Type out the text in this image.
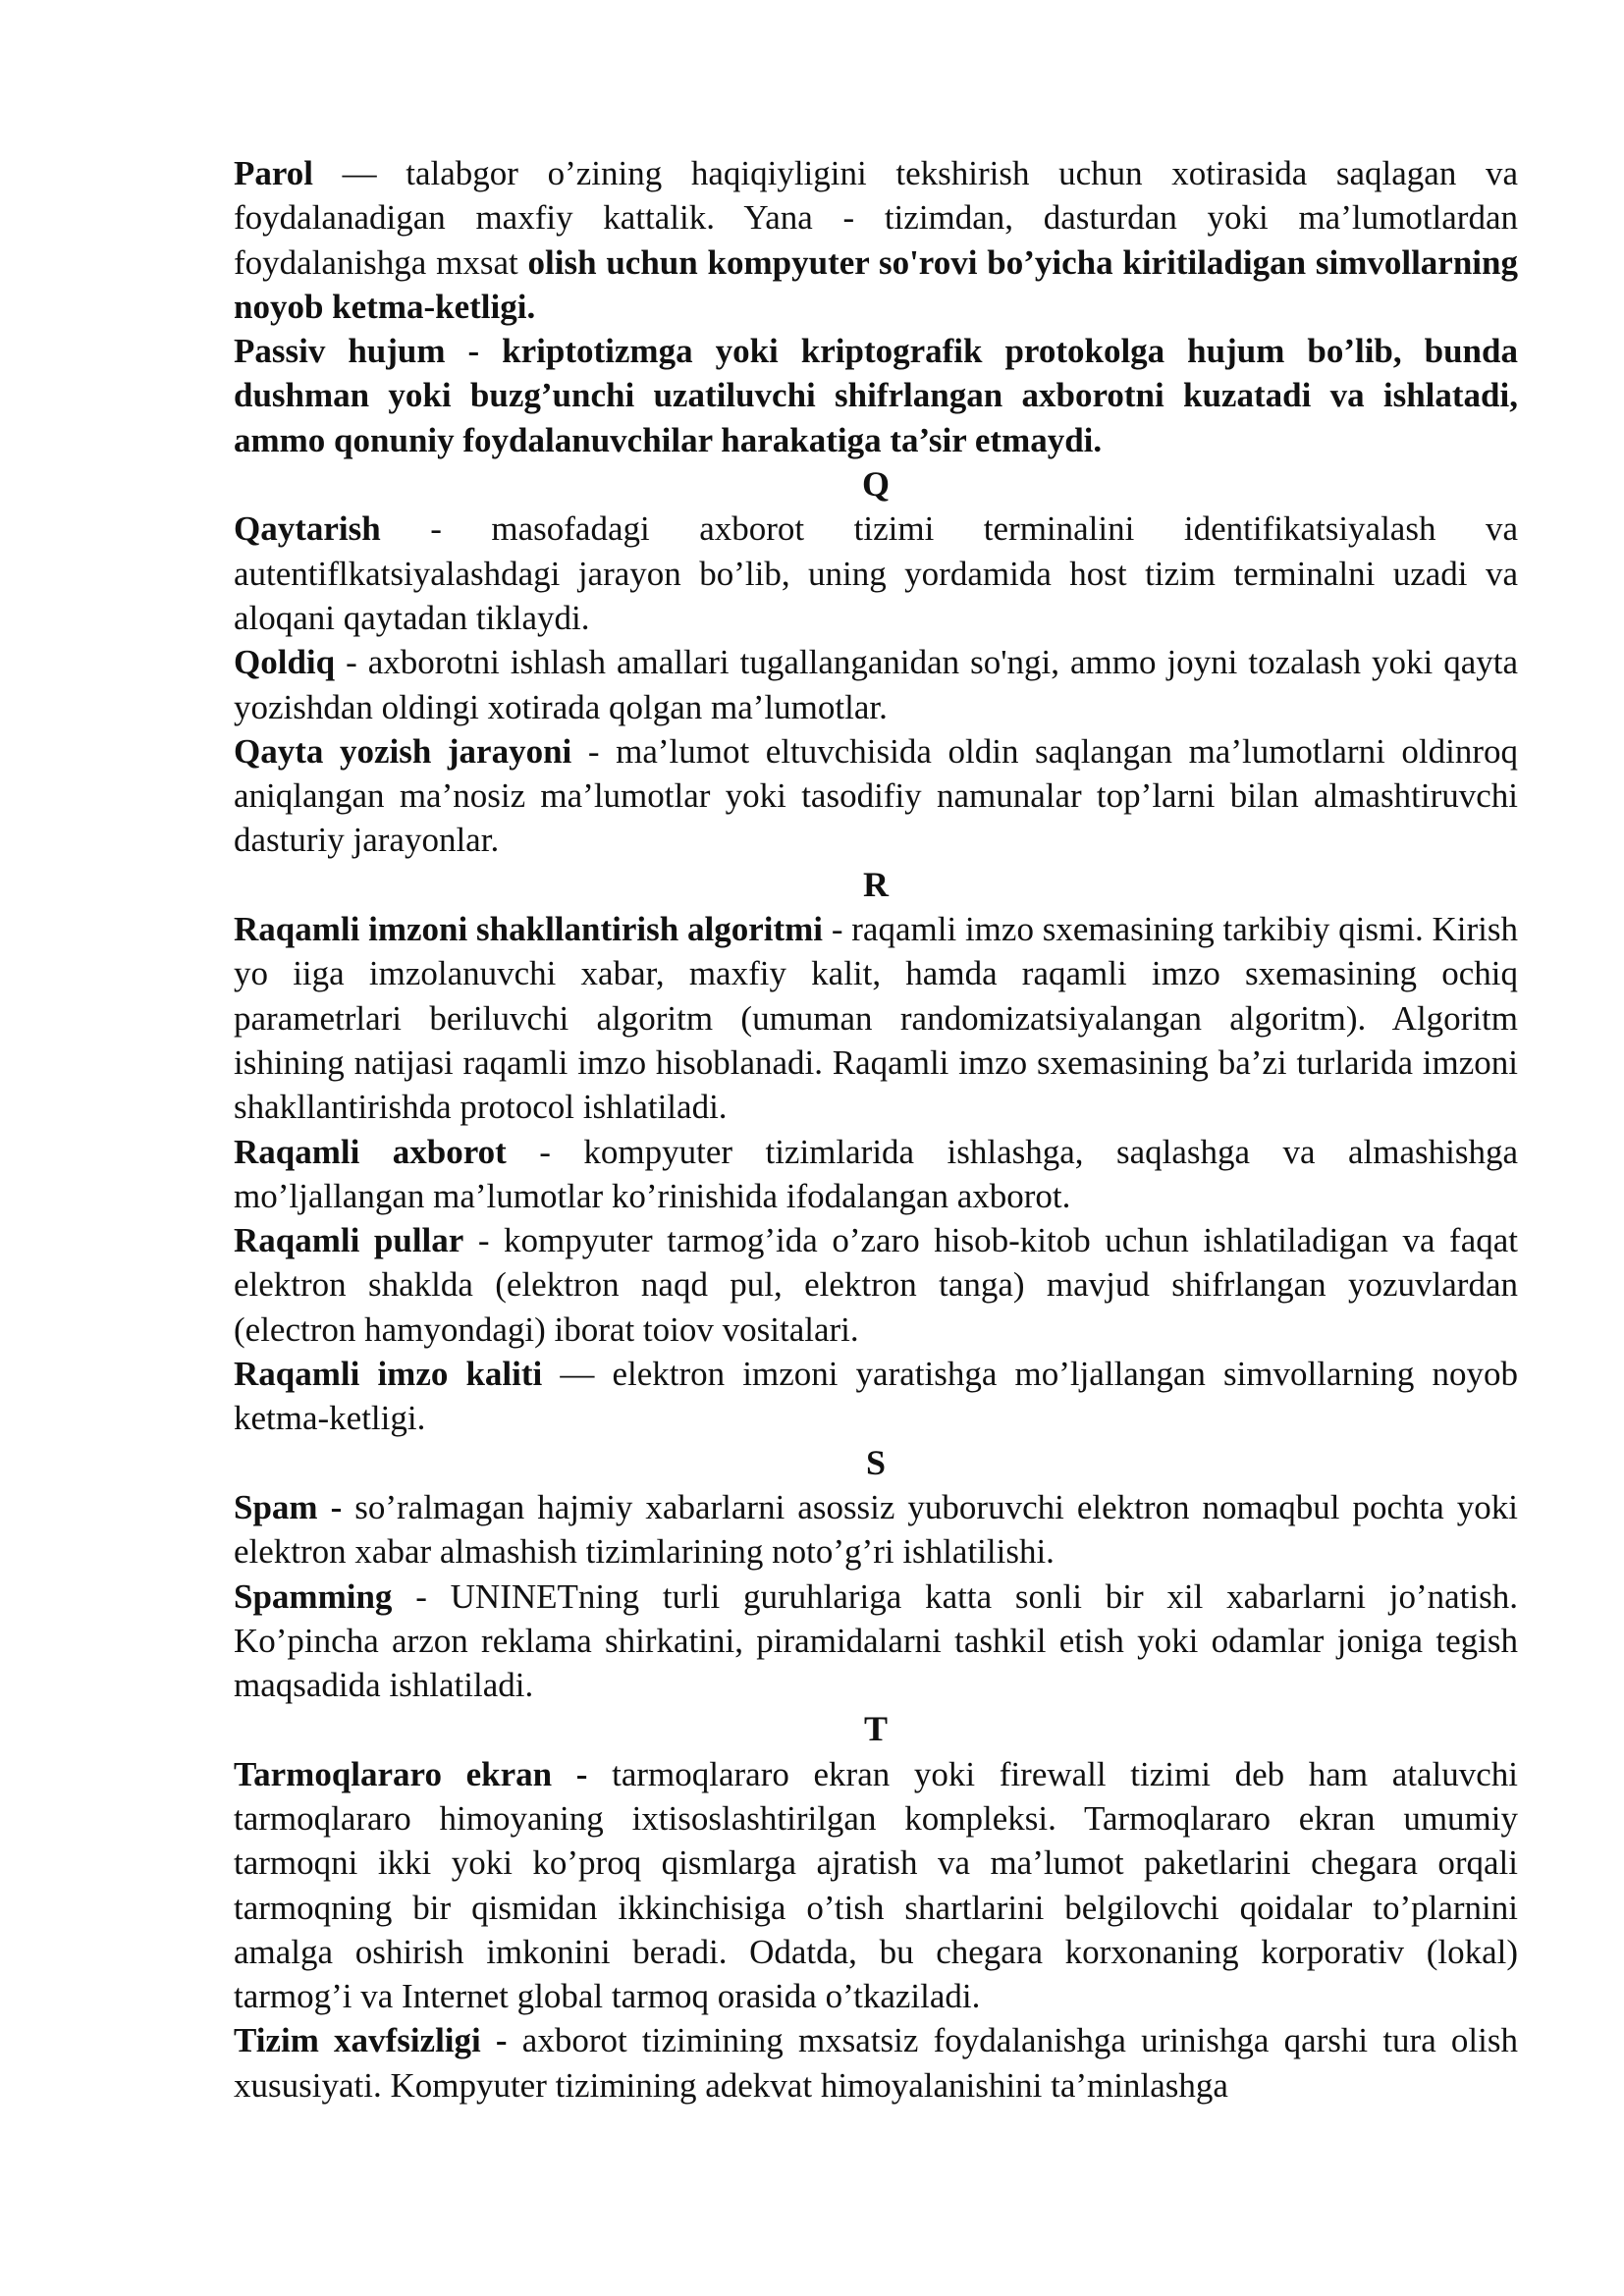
Parol — talabgor o’zining haqiqiyligini tekshirish uchun xotirasida saqlagan va foydalanadigan maxfiy kattalik. Yana - tizimdan, dasturdan yoki ma’lumotlardan foydalanishga mxsat olish uchun kompyuter so'rovi bo’yicha kiritiladigan simvollarning noyob ketma-ketligi.

Passiv hujum - kriptotizmga yoki kriptografik protokolga hujum bo’lib, bunda dushman yoki buzg’unchi uzatiluvchi shifrlangan axborotni kuzatadi va ishlatadi, ammo qonuniy foydalanuvchilar harakatiga ta’sir etmaydi.

Q

Qaytarish - masofadagi axborot tizimi terminalini identifikatsiyalash va autentiflkatsiyalashdagi jarayon bo’lib, uning yordamida host tizim terminalni uzadi va aloqani qaytadan tiklaydi.

Qoldiq - axborotni ishlash amallari tugallanganidan so'ngi, ammo joyni tozalash yoki qayta yozishdan oldingi xotirada qolgan ma’lumotlar.

Qayta yozish jarayoni - ma’lumot eltuvchisida oldin saqlangan ma’lumotlarni oldinroq aniqlangan ma’nosiz ma’lumotlar yoki tasodifiy namunalar top’larni bilan almashtiruvchi dasturiy jarayonlar.

R

Raqamli imzoni shakllantirish algoritmi - raqamli imzo sxemasining tarkibiy qismi. Kirish yo iiga imzolanuvchi xabar, maxfiy kalit, hamda raqamli imzo sxemasining ochiq parametrlari beriluvchi algoritm (umuman randomizatsiyalangan algoritm). Algoritm ishining natijasi raqamli imzo hisoblanadi. Raqamli imzo sxemasining ba’zi turlarida imzoni shakllantirishda protocol ishlatiladi.

Raqamli axborot - kompyuter tizimlarida ishlashga, saqlashga va almashishga mo’ljallangan ma’lumotlar ko’rinishida ifodalangan axborot.

Raqamli pullar - kompyuter tarmog’ida o’zaro hisob-kitob uchun ishlatiladigan va faqat elektron shaklda (elektron naqd pul, elektron tanga) mavjud shifrlangan yozuvlardan (electron hamyondagi) iborat toiov vositalari.

Raqamli imzo kaliti — elektron imzoni yaratishga mo’ljallangan simvollarning noyob ketma-ketligi.

S

Spam - so’ralmagan hajmiy xabarlarni asossiz yuboruvchi elektron nomaqbul pochta yoki elektron xabar almashish tizimlarining noto’g’ri ishlatilishi.

Spamming - UNINETning turli guruhlariga katta sonli bir xil xabarlarni jo’natish. Ko’pincha arzon reklama shirkatini, piramidalarni tashkil etish yoki odamlar joniga tegish maqsadida ishlatiladi.

T

Tarmoqlararo ekran - tarmoqlararo ekran yoki firewall tizimi deb ham ataluvchi tarmoqlararo himoyaning ixtisoslashtirilgan kompleksi. Tarmoqlararo ekran umumiy tarmoqni ikki yoki ko’proq qismlarga ajratish va ma’lumot paketlarini chegara orqali tarmoqning bir qismidan ikkinchisiga o’tish shartlarini belgilovchi qoidalar to’plarnini amalga oshirish imkonini beradi. Odatda, bu chegara korxonaning korporativ (lokal) tarmog’i va Internet global tarmoq orasida o’tkaziladi.

Tizim xavfsizligi - axborot tizimining mxsatsiz foydalanishga urinishga qarshi tura olish xususiyati. Kompyuter tizimining adekvat himoyalanishini ta’minlashga
